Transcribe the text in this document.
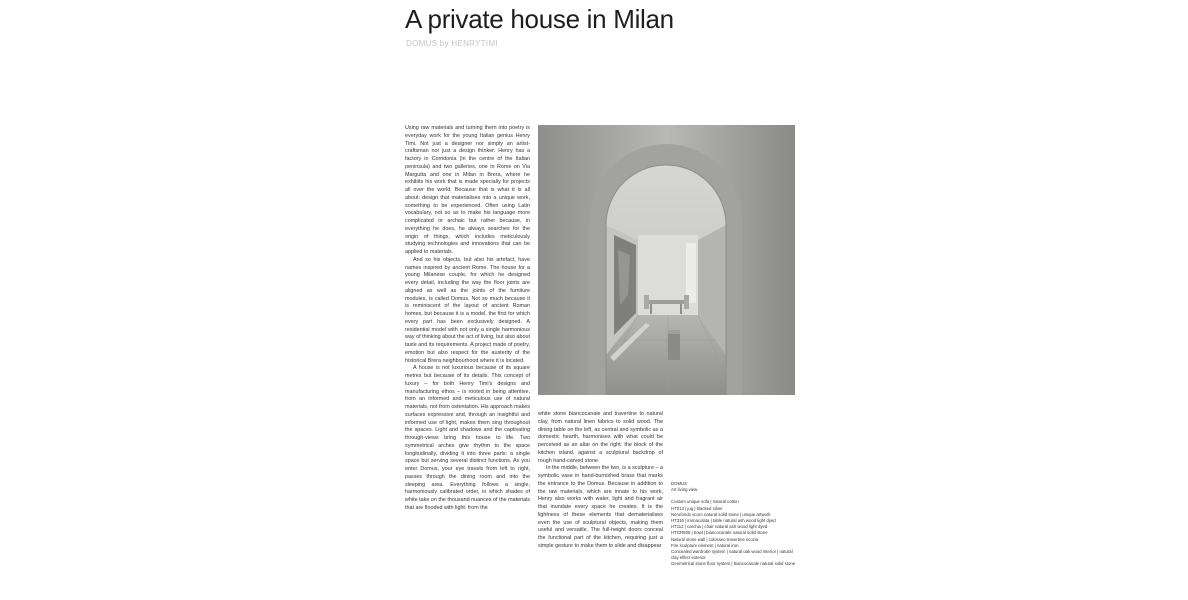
A private house in Milan
DOMUS by HENRYTIMI

Using raw materials and turning them into poetry is everyday work for the young Italian genius Henry Timi. Not just a designer nor simply an artist-craftsman nor just a design thinker: Henry has a factory in Corridonia (in the centre of the Italian peninsula) and two galleries, one in Rome on Via Margutta and one in Milan in Brera, where he exhibits his work that is made specially for projects all over the world. Because that is what it is all about: design that materialises into a unique work, something to be experienced. Often using Latin vocabulary, not so as to make his language more complicated or archaic but rather because, in everything he does, he always searches for the origin of things, which includes meticulously studying technologies and innovations that can be applied to materials.

And so his objects, but also his artefact, have names inspired by ancient Rome. The house for a young Milanese couple, for which he designed every detail, including the way the floor joints are aligned as well as the joints of the furniture modules, is called Domus. Not so much because it is reminiscent of the layout of ancient Roman homes, but because it is a model, the first for which every part has been exclusively designed. A residential model with not only a single harmonious way of thinking about the act of living, but also about taste and its requirements. A project made of poetry, emotion but also respect for the austerity of the historical Brera neighbourhood where it is located.

A house is not luxurious because of its square metres but because of its details. This concept of luxury – for both Henry Timi's designs and manufacturing ethos – is rooted in being attentive, from an informed and meticulous use of natural materials, not from ostentation. His approach makes surfaces expressive and, through an insightful and informed use of light, makes them sing throughout the spaces. Light and shadows and the captivating through-views bring this house to life. Two symmetrical arches give rhythm to the space longitudinally, dividing it into three parts: a single space but serving several distinct functions. As you enter Domus, your eye travels from left to right, passes through the dining room and into the sleeping area. Everything follows a single, harmoniously calibrated order, in which shades of white take on the thousand nuances of the materials that are flooded with light: from the

white stone biancocanale and travertine to natural clay, from natural linen fabrics to solid wood. The dining table on the left, as central and symbolic as a domestic hearth, harmonises with what could be perceived as an altar on the right: the block of the kitchen island, against a sculptural backdrop of rough hand-carved stone.

In the middle, between the two, is a sculpture – a symbolic vase in hand-burnished brass that marks the entrance to the Domus. Because in addition to the raw materials, which are innate to his work, Henry also works with water, light and fragrant air that inundate every space he creates. It is the lightness of these elements that dematerialises even the use of sculptural objects, making them useful and versatile. The full-height doors conceal the functional part of the kitchen, requiring just a simple gesture to make them to slide and disappear

DOMUS

Art living view

Custom unique sofa | natural cotton

HT013 | jug | blacked silver

Nerofondo scuro natural solid stone | unique artwork

HT316 | immacolata | table natural ash wood light dyed

HT112 | carchia | chair natural ash wood light dyed

HTGR805 | bowl | biancocanale natural solid stone

Natural stone wall | colosseo travertine scozia

Fire sculpture element | natural iron

Concealed wardrobe system | natural oak wood interior | natural clay effect exterior

Geometrical stone floor system | biancocanale natural solid stone
